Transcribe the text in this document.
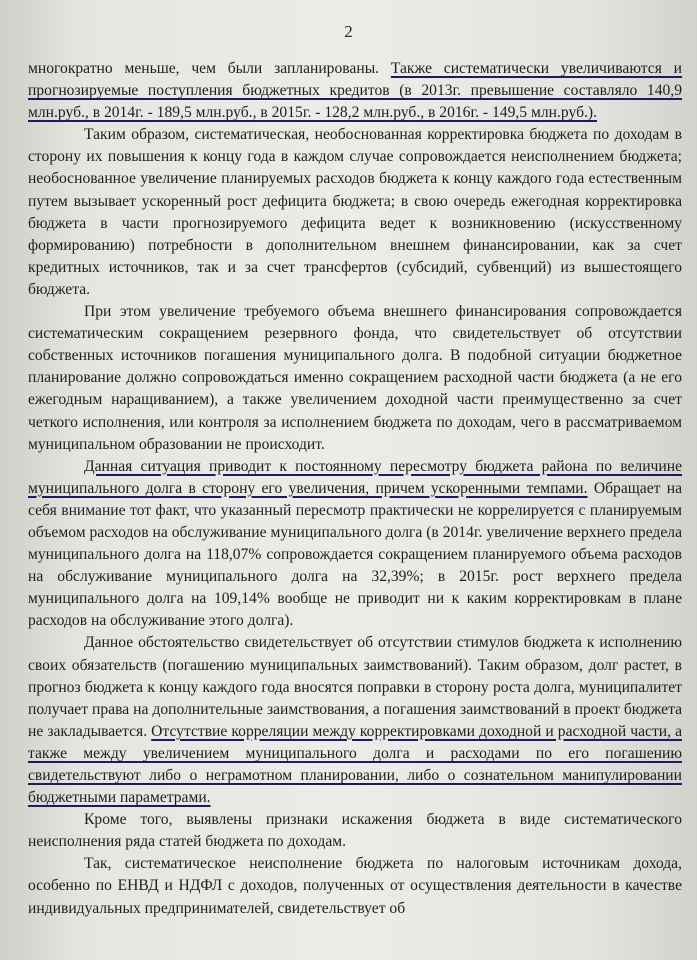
2

многократно меньше, чем были запланированы. Также систематически увеличиваются и прогнозируемые поступления бюджетных кредитов (в 2013г. превышение составляло 140,9 млн.руб., в 2014г. - 189,5 млн.руб., в 2015г. - 128,2 млн.руб., в 2016г. - 149,5 млн.руб.).

Таким образом, систематическая, необоснованная корректировка бюджета по доходам в сторону их повышения к концу года в каждом случае сопровождается неисполнением бюджета; необоснованное увеличение планируемых расходов бюджета к концу каждого года естественным путем вызывает ускоренный рост дефицита бюджета; в свою очередь ежегодная корректировка бюджета в части прогнозируемого дефицита ведет к возникновению (искусственному формированию) потребности в дополнительном внешнем финансировании, как за счет кредитных источников, так и за счет трансфертов (субсидий, субвенций) из вышестоящего бюджета.

При этом увеличение требуемого объема внешнего финансирования сопровождается систематическим сокращением резервного фонда, что свидетельствует об отсутствии собственных источников погашения муниципального долга. В подобной ситуации бюджетное планирование должно сопровождаться именно сокращением расходной части бюджета (а не его ежегодным наращиванием), а также увеличением доходной части преимущественно за счет четкого исполнения, или контроля за исполнением бюджета по доходам, чего в рассматриваемом муниципальном образовании не происходит.

Данная ситуация приводит к постоянному пересмотру бюджета района по величине муниципального долга в сторону его увеличения, причем ускоренными темпами. Обращает на себя внимание тот факт, что указанный пересмотр практически не коррелируется с планируемым объемом расходов на обслуживание муниципального долга (в 2014г. увеличение верхнего предела муниципального долга на 118,07% сопровождается сокращением планируемого объема расходов на обслуживание муниципального долга на 32,39%; в 2015г. рост верхнего предела муниципального долга на 109,14% вообще не приводит ни к каким корректировкам в плане расходов на обслуживание этого долга).

Данное обстоятельство свидетельствует об отсутствии стимулов бюджета к исполнению своих обязательств (погашению муниципальных заимствований). Таким образом, долг растет, в прогноз бюджета к концу каждого года вносятся поправки в сторону роста долга, муниципалитет получает права на дополнительные заимствования, а погашения заимствований в проект бюджета не закладывается. Отсутствие корреляции между корректировками доходной и расходной части, а также между увеличением муниципального долга и расходами по его погашению свидетельствуют либо о неграмотном планировании, либо о сознательном манипулировании бюджетными параметрами.

Кроме того, выявлены признаки искажения бюджета в виде систематического неисполнения ряда статей бюджета по доходам.

Так, систематическое неисполнение бюджета по налоговым источникам дохода, особенно по ЕНВД и НДФЛ с доходов, полученных от осуществления деятельности в качестве индивидуальных предпринимателей, свидетельствует об
